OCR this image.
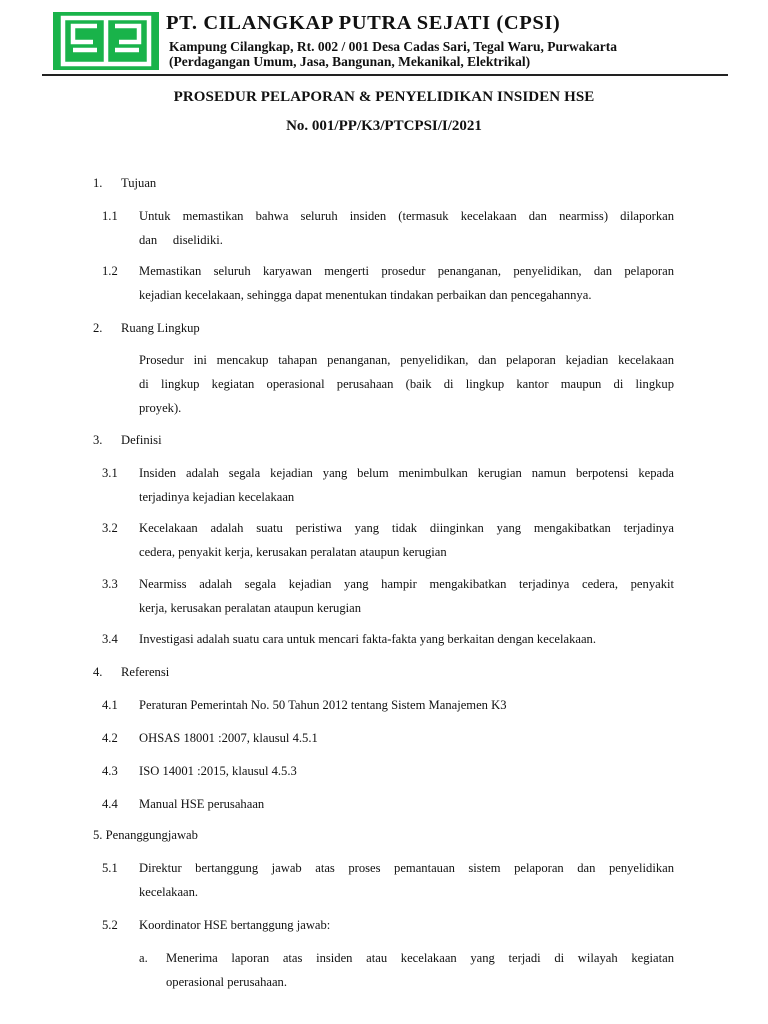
PT. CILANGKAP PUTRA SEJATI (CPSI)
Kampung Cilangkap, Rt. 002 / 001 Desa Cadas Sari, Tegal Waru, Purwakarta
(Perdagangan Umum, Jasa, Bangunan, Mekanikal, Elektrikal)
PROSEDUR PELAPORAN & PENYELIDIKAN INSIDEN HSE
No. 001/PP/K3/PTCPSI/I/2021
1. Tujuan
1.1 Untuk memastikan bahwa seluruh insiden (termasuk kecelakaan dan nearmiss) dilaporkan
dan     diselidiki.
1.2 Memastikan seluruh karyawan mengerti prosedur penanganan, penyelidikan, dan pelaporan
kejadian kecelakaan, sehingga dapat menentukan tindakan perbaikan dan pencegahannya.
2. Ruang Lingkup
Prosedur ini mencakup tahapan penanganan, penyelidikan, dan pelaporan kejadian kecelakaan
di lingkup kegiatan operasional perusahaan (baik di lingkup kantor maupun di lingkup
proyek).
3. Definisi
3.1 Insiden adalah segala kejadian yang belum menimbulkan kerugian namun berpotensi kepada
terjadinya kejadian kecelakaan
3.2 Kecelakaan adalah suatu peristiwa yang tidak diinginkan yang mengakibatkan terjadinya
cedera, penyakit kerja, kerusakan peralatan ataupun kerugian
3.3 Nearmiss adalah segala kejadian yang hampir mengakibatkan terjadinya cedera, penyakit
kerja, kerusakan peralatan ataupun kerugian
3.4 Investigasi adalah suatu cara untuk mencari fakta-fakta yang berkaitan dengan kecelakaan.
4. Referensi
4.1 Peraturan Pemerintah No. 50 Tahun 2012 tentang Sistem Manajemen K3
4.2 OHSAS 18001 :2007, klausul 4.5.1
4.3 ISO 14001 :2015, klausul 4.5.3
4.4 Manual HSE perusahaan
5. Penanggungjawab
5.1 Direktur bertanggung jawab atas proses pemantauan sistem pelaporan dan penyelidikan
kecelakaan.
5.2 Koordinator HSE bertanggung jawab:
a. Menerima laporan atas insiden atau kecelakaan yang terjadi di wilayah kegiatan
operasional perusahaan.
